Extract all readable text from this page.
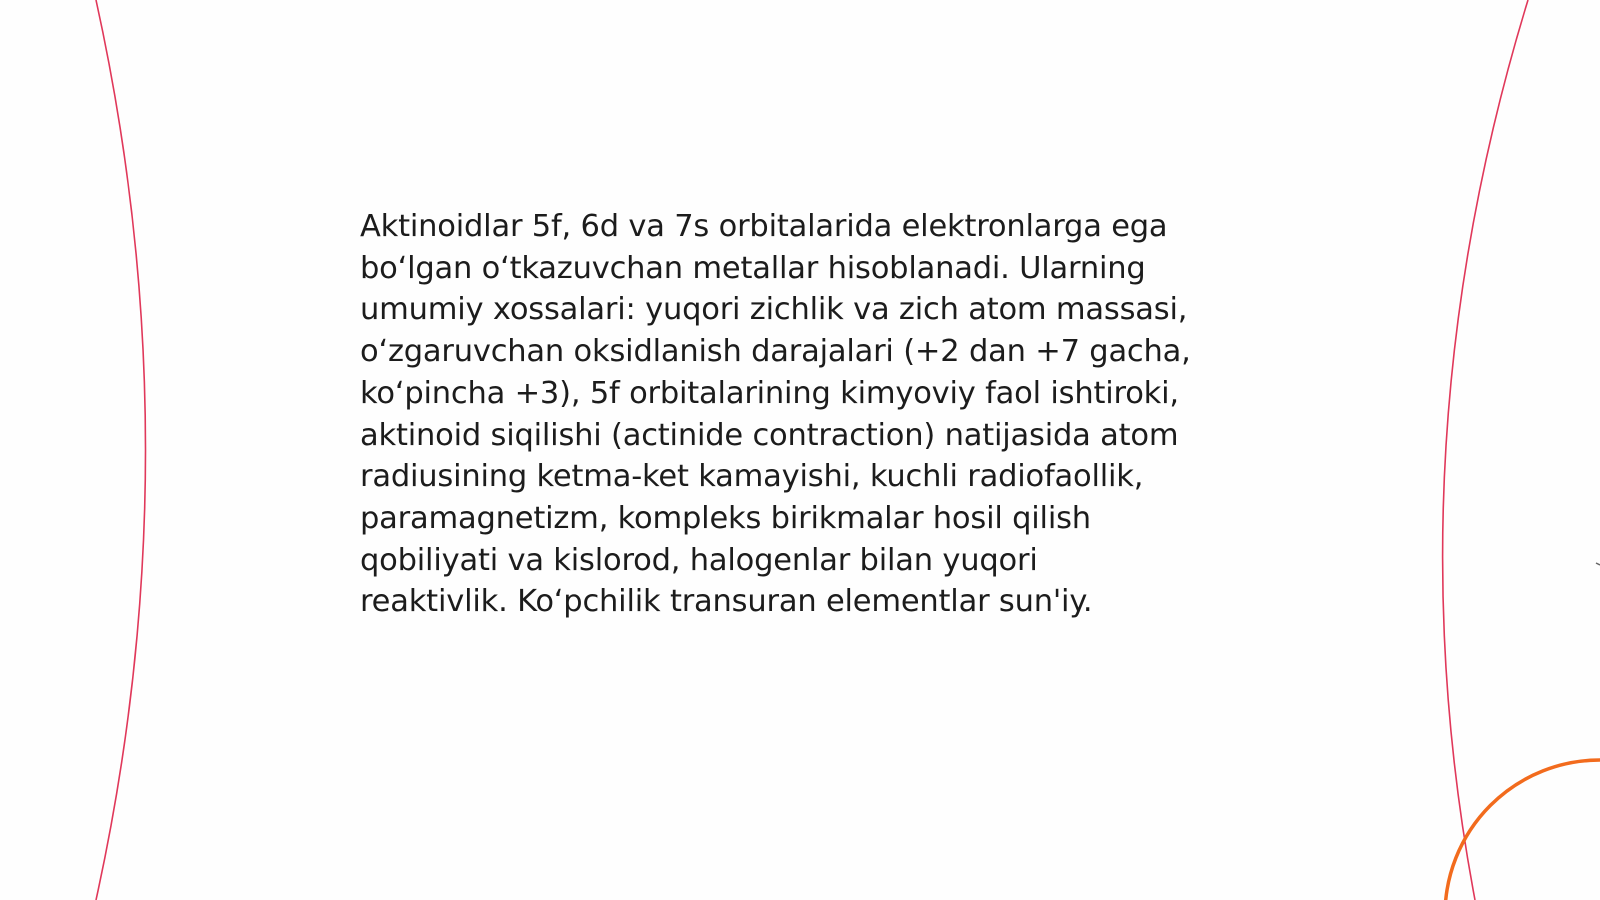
Aktinoidlar 5f, 6d va 7s orbitalarida elektronlarga ega
bo‘lgan o‘tkazuvchan metallar hisoblanadi. Ularning
umumiy xossalari: yuqori zichlik va zich atom massasi,
o‘zgaruvchan oksidlanish darajalari (+2 dan +7 gacha,
ko‘pincha +3), 5f orbitalarining kimyoviy faol ishtiroki,
aktinoid siqilishi (actinide contraction) natijasida atom
radiusining ketma-ket kamayishi, kuchli radiofaollik,
paramagnetizm, kompleks birikmalar hosil qilish
qobiliyati va kislorod, halogenlar bilan yuqori
reaktivlik. Ko‘pchilik transuran elementlar sun'iy.
